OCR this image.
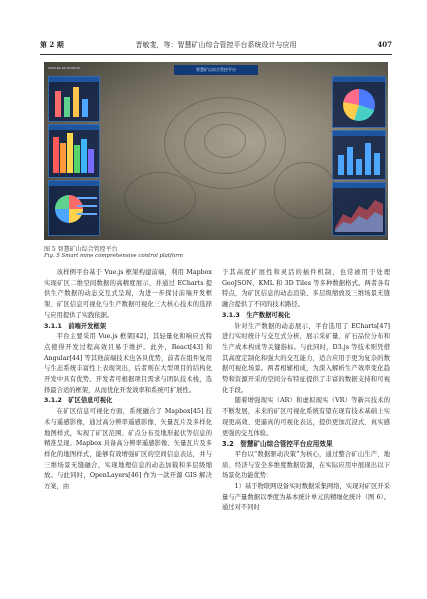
第 2 期	晋敏斐，等：智慧矿山综合管控平台系统设计与应用	407
2023-01-16 10:06:32	智慧矿山综合管控平台
图 5 智慧矿山综合管控平台
Fig. 5 Smart mine comprehensive control platform

该样例平台基于 Vue.js 框架构建前端，利用 Mapbox 实现矿区二维空间数据的高精度展示，并通过 ECharts 提供生产数据的动态交互式呈现，为进一步探讨前端开发框架、矿区信息可视化与生产数据可视化三大核心技术的选择与应用提供了实践依据。

3.1.1　前端开发框架

平台主要采用 Vue.js 框架[42]，其轻量化和响应式特点使得开发过程高效且易于维护。此外，React[43] 和 Angular[44] 等其他前端技术也各具优势，前者在组件复用与生态系统丰富性上表现突出，后者则在大型项目的结构化开发中具有优势。开发者可根据项目需求与团队技术栈，选择最合适的框架，从而优化开发效率和系统可扩展性。

3.1.2　矿区信息可视化

在矿区信息可视化方面，系统融合了 Mapbox[45] 技术与遥感影像，通过高分辨率遥感影像、矢量瓦片及多样化地图样式，实现了矿区范围、矿点分布及地形起伏等信息的精准呈现。Mapbox 具备高分辨率遥感影像、矢量瓦片及多样化的地图样式，能够有效增强矿区的空间信息表达，并与三维场景无缝融合，实现地理信息的动态加载和多层级缩放。与此同时，OpenLayers[46] 作为一款开源 GIS 解决方案，由

于其高度扩展性和灵活的插件机制，也常被用于处理 GeoJSON、KML 和 3D Tiles 等多种数据格式。两者各有特点，为矿区信息的动态渲染、多层级缩放及三维场景无缝融合提供了不同的技术路径。

3.1.3　生产数据可视化

针对生产数据的动态展示，平台选用了 ECharts[47] 进行实时统计与交互式分析，展示采矿量、矿石品位分布和生产成本构成等关键指标。与此同时，D3.js 等技术则凭借其高度定制化和强大的交互能力，适合应用于更为复杂的数据可视化场景。两者相辅相成，为深入解析生产效率变化趋势和资源开采的空间分布特征提供了丰富的数据支持和可视化手段。

随着增强现实（AR）和虚拟现实（VR）等新兴技术的不断发展，未来的矿区可视化系统有望在现有技术基础上实现更高效、更逼真的可视化表达，提供更加沉浸式、真实感更强的交互体验。

3.2　智慧矿山综合管控平台应用效果

平台以“数据驱动决策”为核心，通过整合矿山生产、地质、经济与安全多维度数据资源，在实际应用中展现出以下场景化功能优势：

1）基于物联网设备实时数据采集网络，实现对矿区开采量与产量数据以季度为基本统计单元的精细化统计（图 6）。通过对不同时
